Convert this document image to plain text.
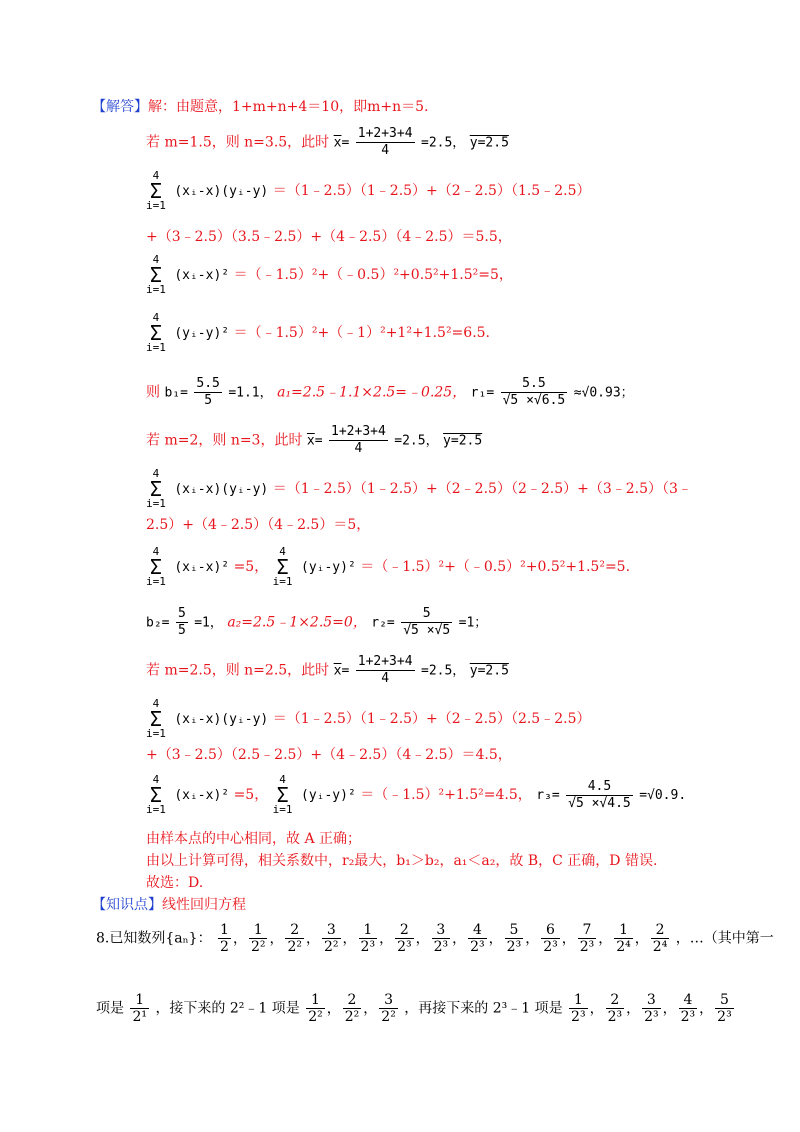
【解答】解：由题意，1+m+n+4＝10，即m+n＝5.
若 m=1.5，则 n=3.5，此时 $\overline{x}= \frac{1+2+3+4}{4} =2.5$， y=2.5
4
Σ
i=1
(xᵢ-x)(yᵢ-y) ＝（1﹣2.5）（1﹣2.5）+（2﹣2.5）（1.5﹣2.5）
+（3﹣2.5）（3.5﹣2.5）+（4﹣2.5）（4﹣2.5）＝5.5，
4
Σ
i=1
(xᵢ-x)² ＝（﹣1.5）²+（﹣0.5）²+0.5²+1.5²=5，
4
Σ
i=1
(yᵢ-y)² ＝（﹣1.5）²+（﹣1）²+1²+1.5²=6.5.
则 $b_1= \frac{5.5}{5} =1.1$， a₁=2.5﹣1.1×2.5=﹣0.25， $r_1= \frac{5.5}{√5 \times√6.5} \approx√0.93$；
若 m=2，则 n=3，此时 $\overline{x}= \frac{1+2+3+4}{4} =2.5$， y=2.5
4
Σ
i=1
(xᵢ-x)(yᵢ-y) ＝（1﹣2.5）（1﹣2.5）+（2﹣2.5）（2﹣2.5）+（3﹣2.5）（3﹣
2.5）+（4﹣2.5）（4﹣2.5）＝5，
4
Σ
i=1
(xᵢ-x)² =5，
4
Σ
i=1
(yᵢ-y)² ＝（﹣1.5）²+（﹣0.5）²+0.5²+1.5²=5.
$b_2= \frac{5}{5} =1$， a₂=2.5﹣1×2.5=0， $r_2= \frac{5}{√5 \times√5} =1$；
若 m=2.5，则 n=2.5，此时 $\overline{x}= \frac{1+2+3+4}{4} =2.5$， y=2.5
4
Σ
i=1
(xᵢ-x)(yᵢ-y) ＝（1﹣2.5）（1﹣2.5）+（2﹣2.5）（2.5﹣2.5）
+（3﹣2.5）（2.5﹣2.5）+（4﹣2.5）（4﹣2.5）＝4.5，
4
Σ
i=1
(xᵢ-x)² =5，
4
Σ
i=1
(yᵢ-y)² ＝（﹣1.5）²+1.5²=4.5， $r_3= \frac{4.5}{√5 \times√4.5} =√0.9$.
由样本点的中心相同，故 A 正确；
由以上计算可得，相关系数中，r₂最大，b₁＞b₂，a₁＜a₂，故 B，C 正确，D 错误.
故选：D.
【知识点】线性回归方程
8.已知数列{aₙ}： $\frac{1}{2}$ ， $\frac{1}{\text{2²}}$ ， $\frac{2}{\text{2²}}$ ， $\frac{3}{\text{2²}}$ ， $\frac{1}{\text{2³}}$ ， $\frac{2}{\text{2³}}$ ， $\frac{3}{\text{2³}}$ ， $\frac{4}{\text{2³}}$ ， $\frac{5}{\text{2³}}$ ， $\frac{6}{\text{2³}}$ ， $\frac{7}{\text{2³}}$ ， $\frac{1}{\text{2⁴}}$ ， $\frac{2}{\text{2⁴}}$ ，…（其中第一
项是 $\frac{1}{\text{2¹}}$ ，接下来的 2²﹣1 项是 $\frac{1}{\text{2²}}$ ， $\frac{2}{\text{2²}}$ ， $\frac{3}{\text{2²}}$ ，再接下来的 2³﹣1 项是 $\frac{1}{\text{2³}}$ ， $\frac{2}{\text{2³}}$ ， $\frac{3}{\text{2³}}$ ， $\frac{4}{\text{2³}}$ ， $\frac{5}{\text{2³}}$
